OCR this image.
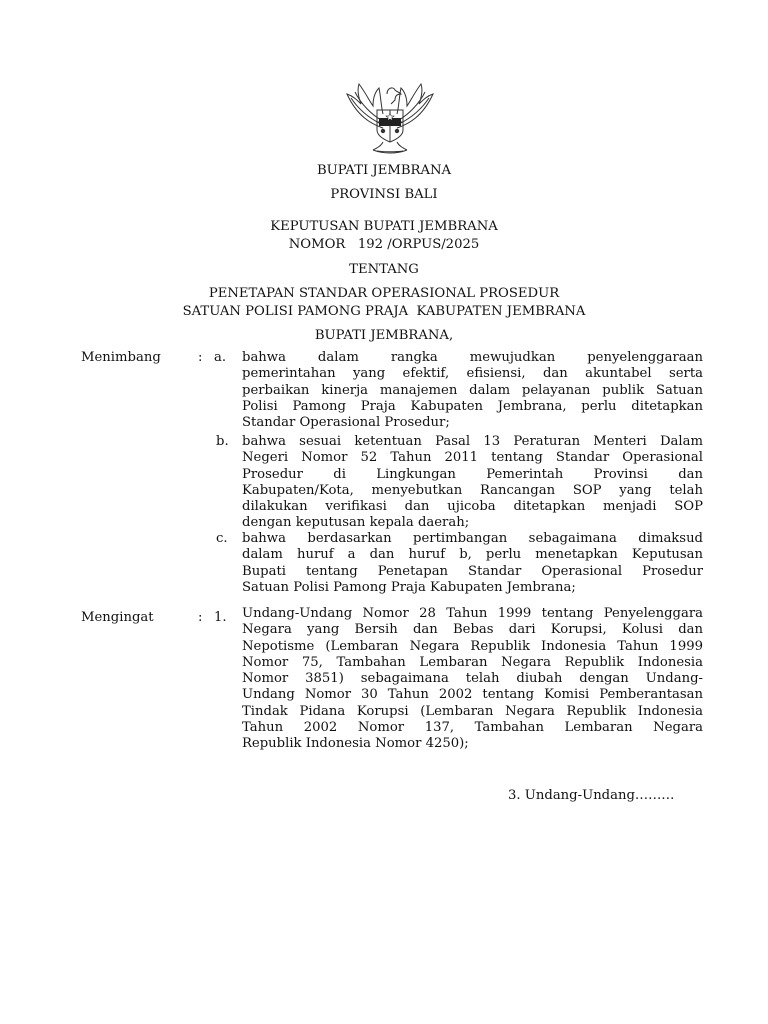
BUPATI JEMBRANA
PROVINSI BALI
KEPUTUSAN BUPATI JEMBRANA
NOMOR   192 /ORPUS/2025
TENTANG
PENETAPAN STANDAR OPERASIONAL PROSEDUR
SATUAN POLISI PAMONG PRAJA  KABUPATEN JEMBRANA
BUPATI JEMBRANA,
Menimbang	: a. bahwa dalam rangka mewujudkan penyelenggaraan
pemerintahan yang efektif, efisiensi, dan akuntabel serta
perbaikan kinerja manajemen dalam pelayanan publik Satuan
Polisi Pamong Praja Kabupaten Jembrana, perlu ditetapkan
Standar Operasional Prosedur;
b. bahwa sesuai ketentuan Pasal 13 Peraturan Menteri Dalam
Negeri Nomor 52 Tahun 2011 tentang Standar Operasional
Prosedur di Lingkungan Pemerintah Provinsi dan
Kabupaten/Kota, menyebutkan Rancangan SOP yang telah
dilakukan verifikasi dan ujicoba ditetapkan menjadi SOP
dengan keputusan kepala daerah;
c. bahwa berdasarkan pertimbangan sebagaimana dimaksud
dalam huruf a dan huruf b, perlu menetapkan Keputusan
Bupati tentang Penetapan Standar Operasional Prosedur
Satuan Polisi Pamong Praja Kabupaten Jembrana;
Mengingat	: 1. Undang-Undang Nomor 28 Tahun 1999 tentang Penyelenggara
Negara yang Bersih dan Bebas dari Korupsi, Kolusi dan
Nepotisme (Lembaran Negara Republik Indonesia Tahun 1999
Nomor 75, Tambahan Lembaran Negara Republik Indonesia
Nomor 3851) sebagaimana telah diubah dengan Undang-
Undang Nomor 30 Tahun 2002 tentang Komisi Pemberantasan
Tindak Pidana Korupsi (Lembaran Negara Republik Indonesia
Tahun 2002 Nomor 137, Tambahan Lembaran Negara
Republik Indonesia Nomor 4250);
3. Undang-Undang………
